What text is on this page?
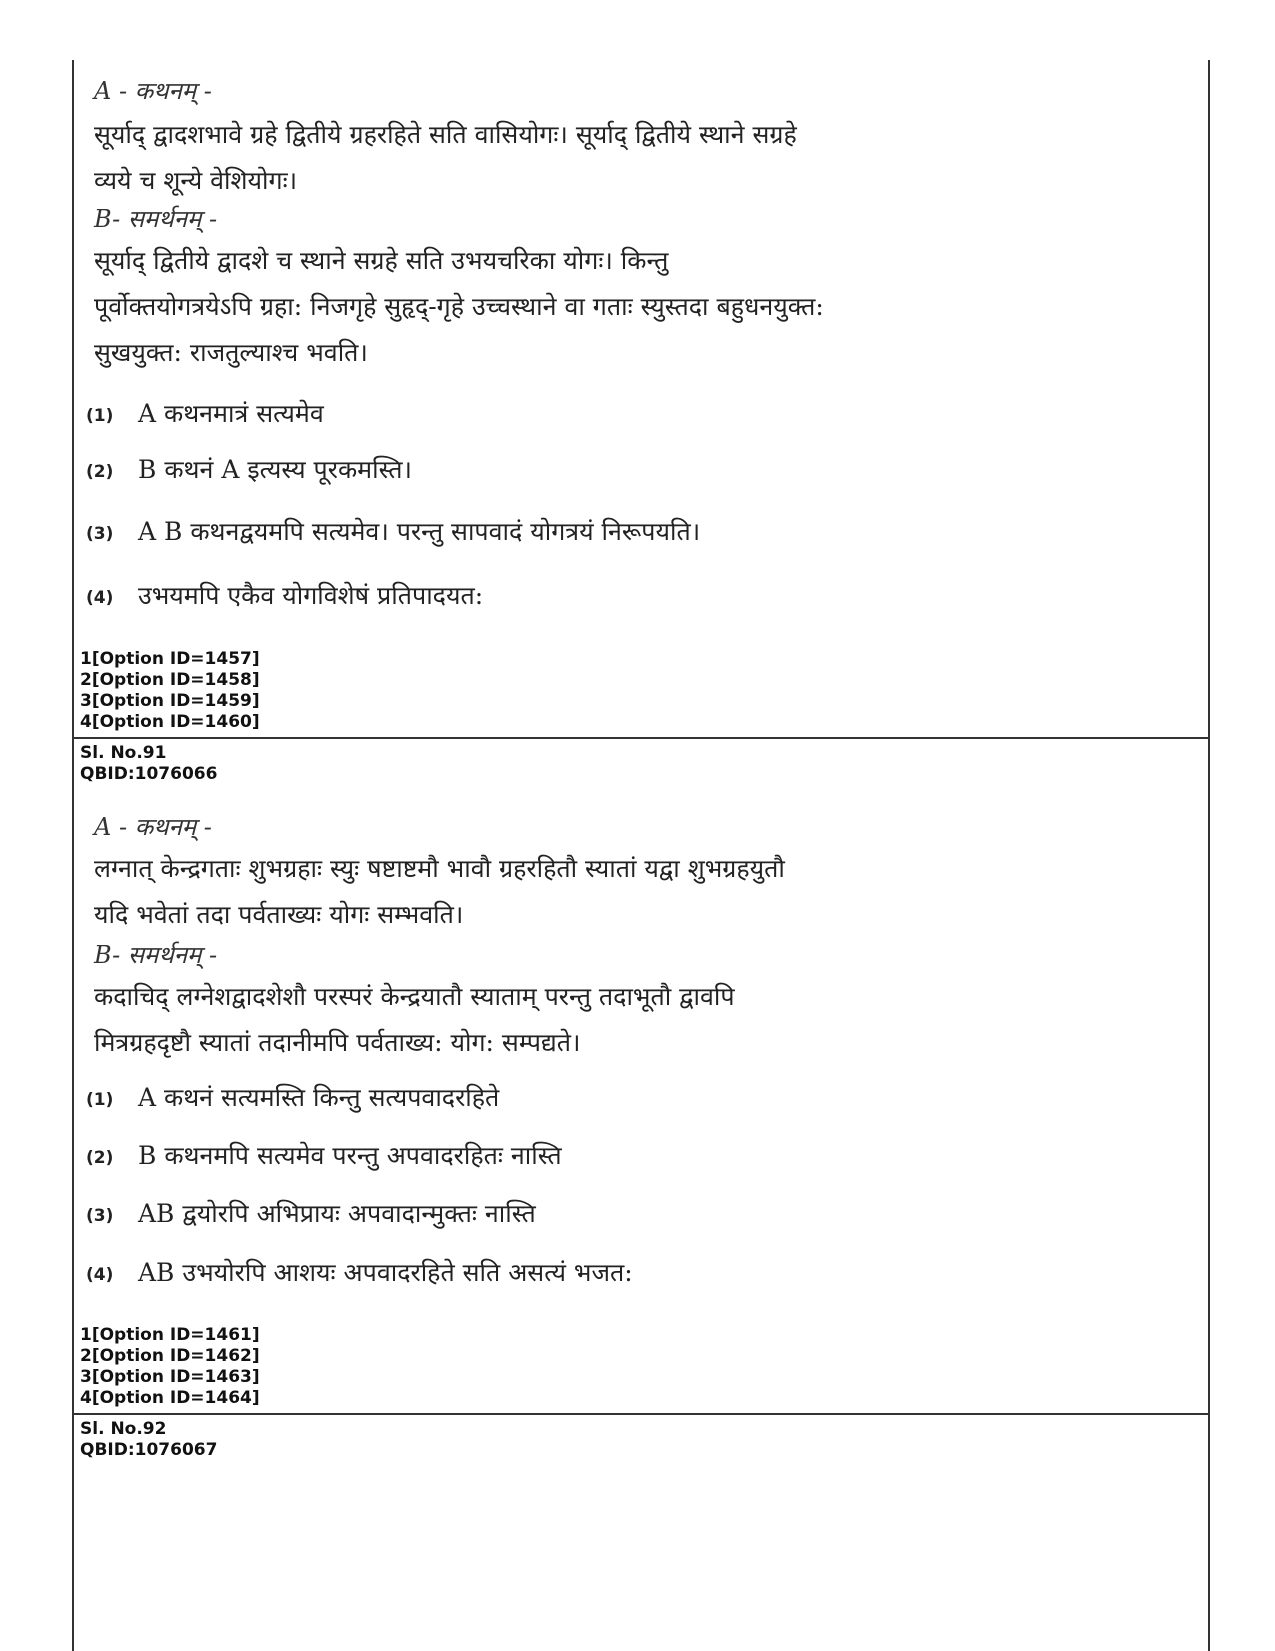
A - कथनम् -
सूर्याद् द्वादशभावे ग्रहे द्वितीये ग्रहरहिते सति वासियोगः। सूर्याद् द्वितीये स्थाने सग्रहे
व्यये च शून्ये वेशियोगः।
B- समर्थनम् -
सूर्याद् द्वितीये द्वादशे च स्थाने सग्रहे सति उभयचरिका योगः। किन्तु
पूर्वोक्तयोगत्रयेऽपि ग्रहा: निजगृहे सुहृद्-गृहे उच्चस्थाने वा गताः स्युस्तदा बहुधनयुक्त:
सुखयुक्त: राजतुल्याश्च भवति।
(1) A कथनमात्रं सत्यमेव
(2) B कथनं A इत्यस्य पूरकमस्ति।
(3) A B कथनद्वयमपि सत्यमेव। परन्तु सापवादं योगत्रयं निरूपयति।
(4) उभयमपि एकैव योगविशेषं प्रतिपादयत:
1[Option ID=1457]
2[Option ID=1458]
3[Option ID=1459]
4[Option ID=1460]
Sl. No.91
QBID:1076066
A - कथनम् -
लग्नात् केन्द्रगताः शुभग्रहाः स्युः षष्टाष्टमौ भावौ ग्रहरहितौ स्यातां यद्वा शुभग्रहयुतौ
यदि भवेतां तदा पर्वताख्यः योगः सम्भवति।
B- समर्थनम् -
कदाचिद् लग्नेशद्वादशेशौ परस्परं केन्द्रयातौ स्याताम् परन्तु तदाभूतौ द्वावपि
मित्रग्रहदृष्टौ स्यातां तदानीमपि पर्वताख्य: योग: सम्पद्यते।
(1) A कथनं सत्यमस्ति किन्तु सत्यपवादरहिते
(2) B कथनमपि सत्यमेव परन्तु अपवादरहितः नास्ति
(3) AB द्वयोरपि अभिप्रायः अपवादान्मुक्तः नास्ति
(4) AB उभयोरपि आशयः अपवादरहिते सति असत्यं भजत:
1[Option ID=1461]
2[Option ID=1462]
3[Option ID=1463]
4[Option ID=1464]
Sl. No.92
QBID:1076067
